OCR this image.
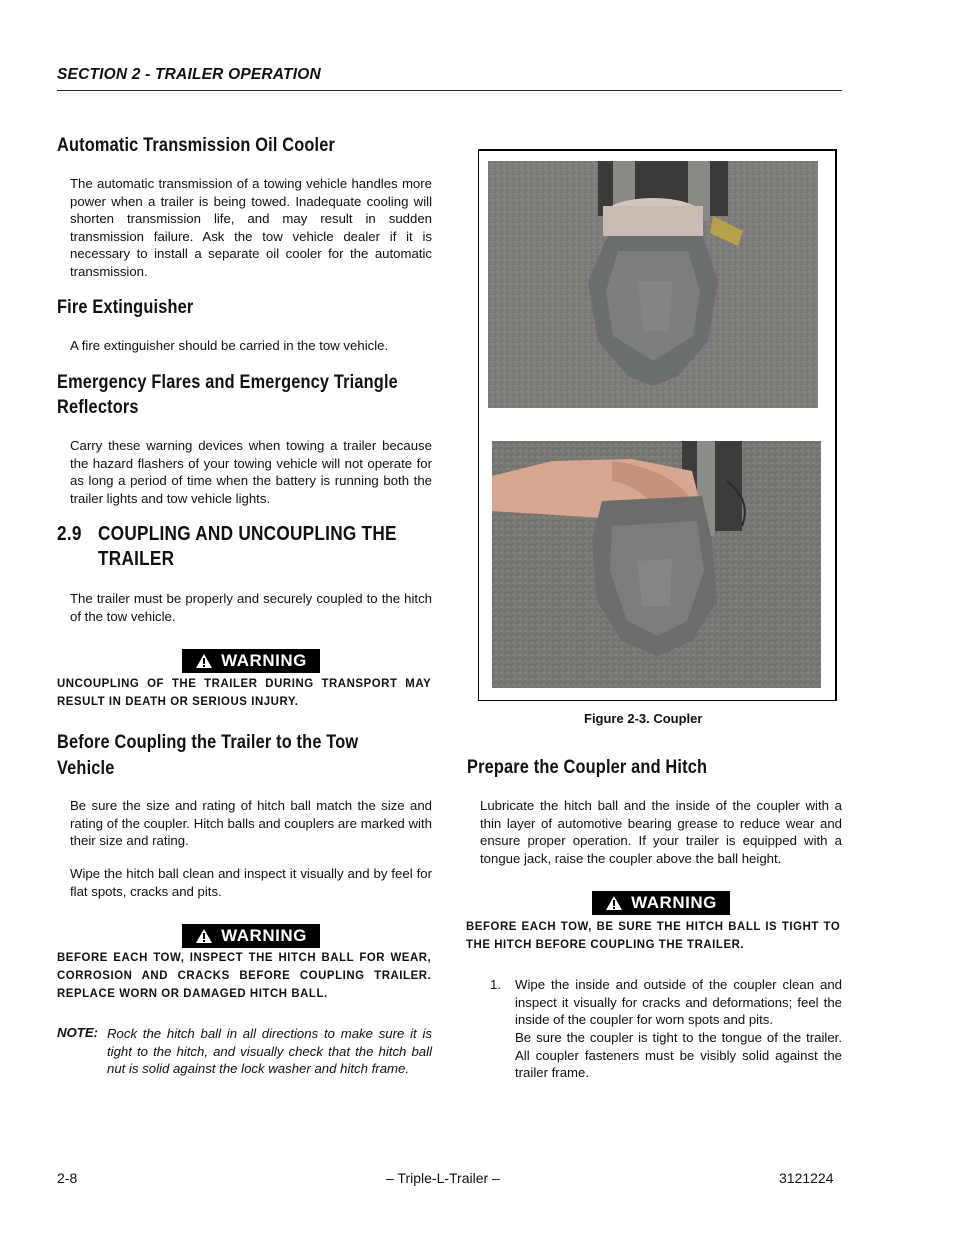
SECTION 2 - TRAILER OPERATION
Automatic Transmission Oil Cooler
The automatic transmission of a towing vehicle handles more power when a trailer is being towed. Inadequate cooling will shorten transmission life, and may result in sudden transmission failure. Ask the tow vehicle dealer if it is necessary to install a separate oil cooler for the automatic transmission.
Fire Extinguisher
A fire extinguisher should be carried in the tow vehicle.
Emergency Flares and Emergency Triangle
Reflectors
Carry these warning devices when towing a trailer because the hazard flashers of your towing vehicle will not operate for as long a period of time when the battery is running both the trailer lights and tow vehicle lights.
2.9 COUPLING AND UNCOUPLING THE
TRAILER
The trailer must be properly and securely coupled to the hitch of the tow vehicle.
WARNING
UNCOUPLING OF THE TRAILER DURING TRANSPORT MAY RESULT IN DEATH OR SERIOUS INJURY.
Before Coupling the Trailer to the Tow
Vehicle
Be sure the size and rating of hitch ball match the size and rating of the coupler. Hitch balls and couplers are marked with their size and rating.
Wipe the hitch ball clean and inspect it visually and by feel for flat spots, cracks and pits.
WARNING
BEFORE EACH TOW, INSPECT THE HITCH BALL FOR WEAR, CORROSION AND CRACKS BEFORE COUPLING TRAILER. REPLACE WORN OR DAMAGED HITCH BALL.
NOTE: Rock the hitch ball in all directions to make sure it is tight to the hitch, and visually check that the hitch ball nut is solid against the lock washer and hitch frame.
Figure 2-3. Coupler
Prepare the Coupler and Hitch
Lubricate the hitch ball and the inside of the coupler with a thin layer of automotive bearing grease to reduce wear and ensure proper operation. If your trailer is equipped with a tongue jack, raise the coupler above the ball height.
WARNING
BEFORE EACH TOW, BE SURE THE HITCH BALL IS TIGHT TO THE HITCH BEFORE COUPLING THE TRAILER.
1. Wipe the inside and outside of the coupler clean and inspect it visually for cracks and deformations; feel the inside of the coupler for worn spots and pits.
Be sure the coupler is tight to the tongue of the trailer. All coupler fasteners must be visibly solid against the trailer frame.
2-8	– Triple-L-Trailer –	3121224
